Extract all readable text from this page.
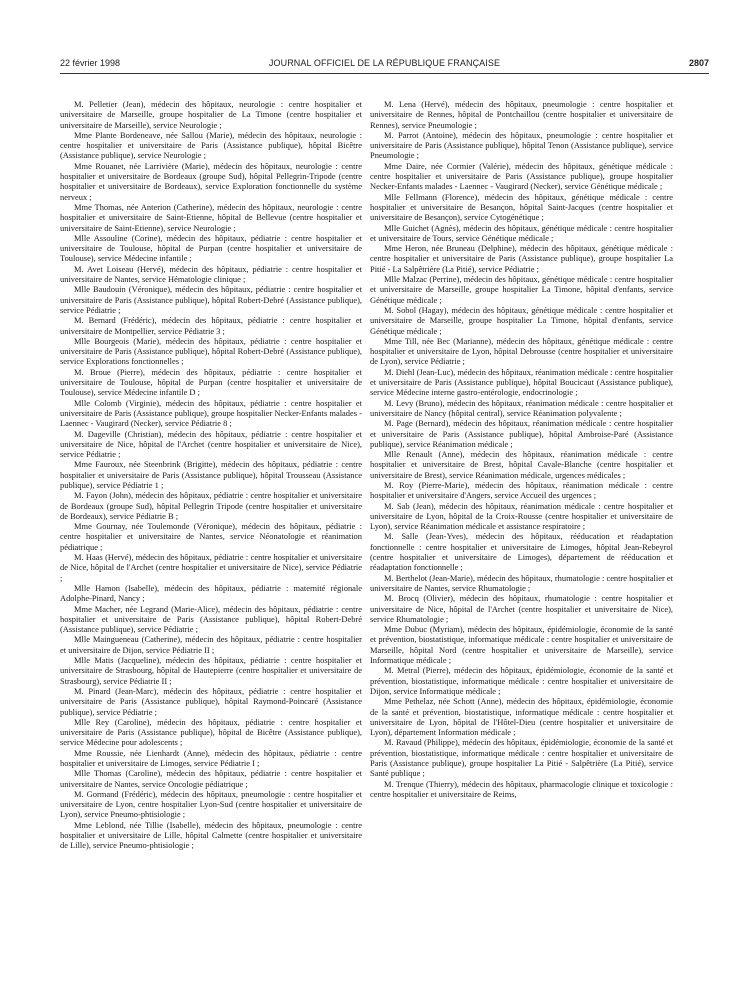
22 février 1998	JOURNAL OFFICIEL DE LA RÉPUBLIQUE FRANÇAISE	2807

M. Pelletier (Jean), médecin des hôpitaux, neurologie : centre hospitalier et universitaire de Marseille, groupe hospitalier de La Timone (centre hospitalier et universitaire de Marseille), service Neurologie ;

Mme Plante Bordeneave, née Sallou (Marie), médecin des hôpitaux, neurologie : centre hospitalier et universitaire de Paris (Assistance publique), hôpital Bicêtre (Assistance publique), service Neurologie ;

Mme Rouanet, née Larrivière (Marie), médecin des hôpitaux, neurologie : centre hospitalier et universitaire de Bordeaux (groupe Sud), hôpital Pellegrin-Tripode (centre hospitalier et universitaire de Bordeaux), service Exploration fonctionnelle du système nerveux ;

Mme Thomas, née Anterion (Catherine), médecin des hôpitaux, neurologie : centre hospitalier et universitaire de Saint-Etienne, hôpital de Bellevue (centre hospitalier et universitaire de Saint-Etienne), service Neurologie ;

Mlle Assouline (Corine), médecin des hôpitaux, pédiatrie : centre hospitalier et universitaire de Toulouse, hôpital de Purpan (centre hospitalier et universitaire de Toulouse), service Médecine infantile ;

M. Avet Loiseau (Hervé), médecin des hôpitaux, pédiatrie : centre hospitalier et universitaire de Nantes, service Hématologie clinique ;

Mlle Baudouin (Véronique), médecin des hôpitaux, pédiatrie : centre hospitalier et universitaire de Paris (Assistance publique), hôpital Robert-Debré (Assistance publique), service Pédiatrie ;

M. Bernard (Frédéric), médecin des hôpitaux, pédiatrie : centre hospitalier et universitaire de Montpellier, service Pédiatrie 3 ;

Mlle Bourgeois (Marie), médecin des hôpitaux, pédiatrie : centre hospitalier et universitaire de Paris (Assistance publique), hôpital Robert-Debré (Assistance publique), service Explorations fonctionnelles ;

M. Broue (Pierre), médecin des hôpitaux, pédiatrie : centre hospitalier et universitaire de Toulouse, hôpital de Purpan (centre hospitalier et universitaire de Toulouse), service Médecine infantile D ;

Mlle Colomb (Virginie), médecin des hôpitaux, pédiatrie : centre hospitalier et universitaire de Paris (Assistance publique), groupe hospitalier Necker-Enfants malades - Laennec - Vaugirard (Necker), service Pédiatrie 8 ;

M. Dageville (Christian), médecin des hôpitaux, pédiatrie : centre hospitalier et universitaire de Nice, hôpital de l'Archet (centre hospitalier et universitaire de Nice), service Pédiatrie ;

Mme Fauroux, née Steenbrink (Brigitte), médecin des hôpitaux, pédiatrie : centre hospitalier et universitaire de Paris (Assistance publique), hôpital Trousseau (Assistance publique), service Pédiatrie 1 ;

M. Fayon (John), médecin des hôpitaux, pédiatrie : centre hospitalier et universitaire de Bordeaux (groupe Sud), hôpital Pellegrin Tripode (centre hospitalier et universitaire de Bordeaux), service Pédiatrie B ;

Mme Gournay, née Toulemonde (Véronique), médecin des hôpitaux, pédiatrie : centre hospitalier et universitaire de Nantes, service Néonatologie et réanimation pédiatrique ;

M. Haas (Hervé), médecin des hôpitaux, pédiatrie : centre hospitalier et universitaire de Nice, hôpital de l'Archet (centre hospitalier et universitaire de Nice), service Pédiatrie ;

Mlle Hamon (Isabelle), médecin des hôpitaux, pédiatrie : maternité régionale Adolphe-Pinard, Nancy ;

Mme Macher, née Legrand (Marie-Alice), médecin des hôpitaux, pédiatrie : centre hospitalier et universitaire de Paris (Assistance publique), hôpital Robert-Debré (Assistance publique), service Pédiatrie ;

Mlle Maingueneau (Catherine), médecin des hôpitaux, pédiatrie : centre hospitalier et universitaire de Dijon, service Pédiatrie II ;

Mlle Matis (Jacqueline), médecin des hôpitaux, pédiatrie : centre hospitalier et universitaire de Strasbourg, hôpital de Hautepierre (centre hospitalier et universitaire de Strasbourg), service Pédiatrie II ;

M. Pinard (Jean-Marc), médecin des hôpitaux, pédiatrie : centre hospitalier et universitaire de Paris (Assistance publique), hôpital Raymond-Poincaré (Assistance publique), service Pédiatrie ;

Mlle Rey (Caroline), médecin des hôpitaux, pédiatrie : centre hospitalier et universitaire de Paris (Assistance publique), hôpital de Bicêtre (Assistance publique), service Médecine pour adolescents ;

Mme Roussie, née Lienhardt (Anne), médecin des hôpitaux, pédiatrie : centre hospitalier et universitaire de Limoges, service Pédiatrie I ;

Mlle Thomas (Caroline), médecin des hôpitaux, pédiatrie : centre hospitalier et universitaire de Nantes, service Oncologie pédiatrique ;

M. Gormand (Frédéric), médecin des hôpitaux, pneumologie : centre hospitalier et universitaire de Lyon, centre hospitalier Lyon-Sud (centre hospitalier et universitaire de Lyon), service Pneumo-phtisiologie ;

Mme Leblond, née Tillie (Isabelle), médecin des hôpitaux, pneumologie : centre hospitalier et universitaire de Lille, hôpital Calmette (centre hospitalier et universitaire de Lille), service Pneumo-phtisiologie ;

M. Lena (Hervé), médecin des hôpitaux, pneumologie : centre hospitalier et universitaire de Rennes, hôpital de Pontchaillou (centre hospitalier et universitaire de Rennes), service Pneumologie ;

M. Parrot (Antoine), médecin des hôpitaux, pneumologie : centre hospitalier et universitaire de Paris (Assistance publique), hôpital Tenon (Assistance publique), service Pneumologie ;

Mme Daire, née Cormier (Valérie), médecin des hôpitaux, génétique médicale : centre hospitalier et universitaire de Paris (Assistance publique), groupe hospitalier Necker-Enfants malades - Laennec - Vaugirard (Necker), service Génétique médicale ;

Mlle Fellmann (Florence), médecin des hôpitaux, génétique médicale : centre hospitalier et universitaire de Besançon, hôpital Saint-Jacques (centre hospitalier et universitaire de Besançon), service Cytogénétique ;

Mlle Guichet (Agnès), médecin des hôpitaux, génétique médicale : centre hospitalier et universitaire de Tours, service Génétique médicale ;

Mme Heron, née Bruneau (Delphine), médecin des hôpitaux, génétique médicale : centre hospitalier et universitaire de Paris (Assistance publique), groupe hospitalier La Pitié - La Salpêtrière (La Pitié), service Pédiatrie ;

Mlle Malzac (Perrine), médecin des hôpitaux, génétique médicale : centre hospitalier et universitaire de Marseille, groupe hospitalier La Timone, hôpital d'enfants, service Génétique médicale ;

M. Sobol (Hagay), médecin des hôpitaux, génétique médicale : centre hospitalier et universitaire de Marseille, groupe hospitalier La Timone, hôpital d'enfants, service Génétique médicale ;

Mme Till, née Bec (Marianne), médecin des hôpitaux, génétique médicale : centre hospitalier et universitaire de Lyon, hôpital Debrousse (centre hospitalier et universitaire de Lyon), service Pédiatrie ;

M. Diehl (Jean-Luc), médecin des hôpitaux, réanimation médicale : centre hospitalier et universitaire de Paris (Assistance publique), hôpital Boucicaut (Assistance publique), service Médecine interne gastro-entérologie, endocrinologie ;

M. Levy (Bruno), médecin des hôpitaux, réanimation médicale : centre hospitalier et universitaire de Nancy (hôpital central), service Réanimation polyvalente ;

M. Page (Bernard), médecin des hôpitaux, réanimation médicale : centre hospitalier et universitaire de Paris (Assistance publique), hôpital Ambroise-Paré (Assistance publique), service Réanimation médicale ;

Mlle Renault (Anne), médecin des hôpitaux, réanimation médicale : centre hospitalier et universitaire de Brest, hôpital Cavale-Blanche (centre hospitalier et universitaire de Brest), service Réanimation médicale, urgences médicales ;

M. Roy (Pierre-Marie), médecin des hôpitaux, réanimation médicale : centre hospitalier et universitaire d'Angers, service Accueil des urgences ;

M. Sab (Jean), médecin des hôpitaux, réanimation médicale : centre hospitalier et universitaire de Lyon, hôpital de la Croix-Rousse (centre hospitalier et universitaire de Lyon), service Réanimation médicale et assistance respiratoire ;

M. Salle (Jean-Yves), médecin des hôpitaux, rééducation et réadaptation fonctionnelle : centre hospitalier et universitaire de Limoges, hôpital Jean-Rebeyrol (centre hospitalier et universitaire de Limoges), département de rééducation et réadaptation fonctionnelle ;

M. Berthelot (Jean-Marie), médecin des hôpitaux, rhumatologie : centre hospitalier et universitaire de Nantes, service Rhumatologie ;

M. Brocq (Olivier), médecin des hôpitaux, rhumatologie : centre hospitalier et universitaire de Nice, hôpital de l'Archet (centre hospitalier et universitaire de Nice), service Rhumatologie ;

Mme Dubuc (Myriam), médecin des hôpitaux, épidémiologie, économie de la santé et prévention, biostatistique, informatique médicale : centre hospitalier et universitaire de Marseille, hôpital Nord (centre hospitalier et universitaire de Marseille), service Informatique médicale ;

M. Metral (Pierre), médecin des hôpitaux, épidémiologie, économie de la santé et prévention, biostatistique, informatique médicale : centre hospitalier et universitaire de Dijon, service Informatique médicale ;

Mme Pethelaz, née Schott (Anne), médecin des hôpitaux, épidémiologie, économie de la santé et prévention, biostatistique, informatique médicale : centre hospitalier et universitaire de Lyon, hôpital de l'Hôtel-Dieu (centre hospitalier et universitaire de Lyon), département Information médicale ;

M. Ravaud (Philippe), médecin des hôpitaux, épidémiologie, économie de la santé et prévention, biostatistique, informatique médicale : centre hospitalier et universitaire de Paris (Assistance publique), groupe hospitalier La Pitié - Salpêtrière (La Pitié), service Santé publique ;

M. Trenque (Thierry), médecin des hôpitaux, pharmacologie clinique et toxicologie : centre hospitalier et universitaire de Reims,
